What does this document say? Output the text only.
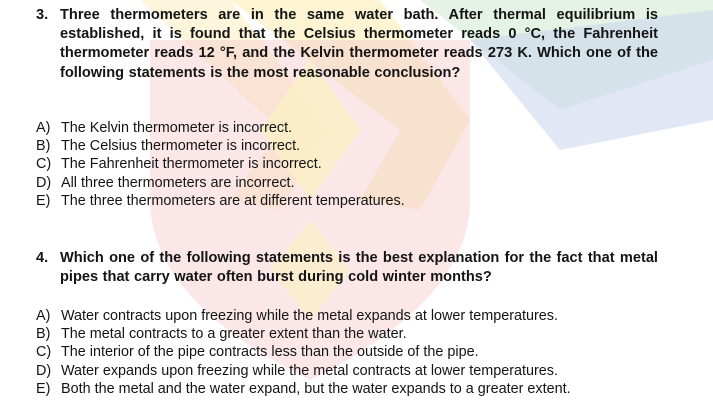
3. Three thermometers are in the same water bath. After thermal equilibrium is established, it is found that the Celsius thermometer reads 0 °C, the Fahrenheit thermometer reads 12 °F, and the Kelvin thermometer reads 273 K. Which one of the following statements is the most reasonable conclusion?
A) The Kelvin thermometer is incorrect.
B) The Celsius thermometer is incorrect.
C) The Fahrenheit thermometer is incorrect.
D) All three thermometers are incorrect.
E) The three thermometers are at different temperatures.
4. Which one of the following statements is the best explanation for the fact that metal pipes that carry water often burst during cold winter months?
A) Water contracts upon freezing while the metal expands at lower temperatures.
B) The metal contracts to a greater extent than the water.
C) The interior of the pipe contracts less than the outside of the pipe.
D) Water expands upon freezing while the metal contracts at lower temperatures.
E) Both the metal and the water expand, but the water expands to a greater extent.
